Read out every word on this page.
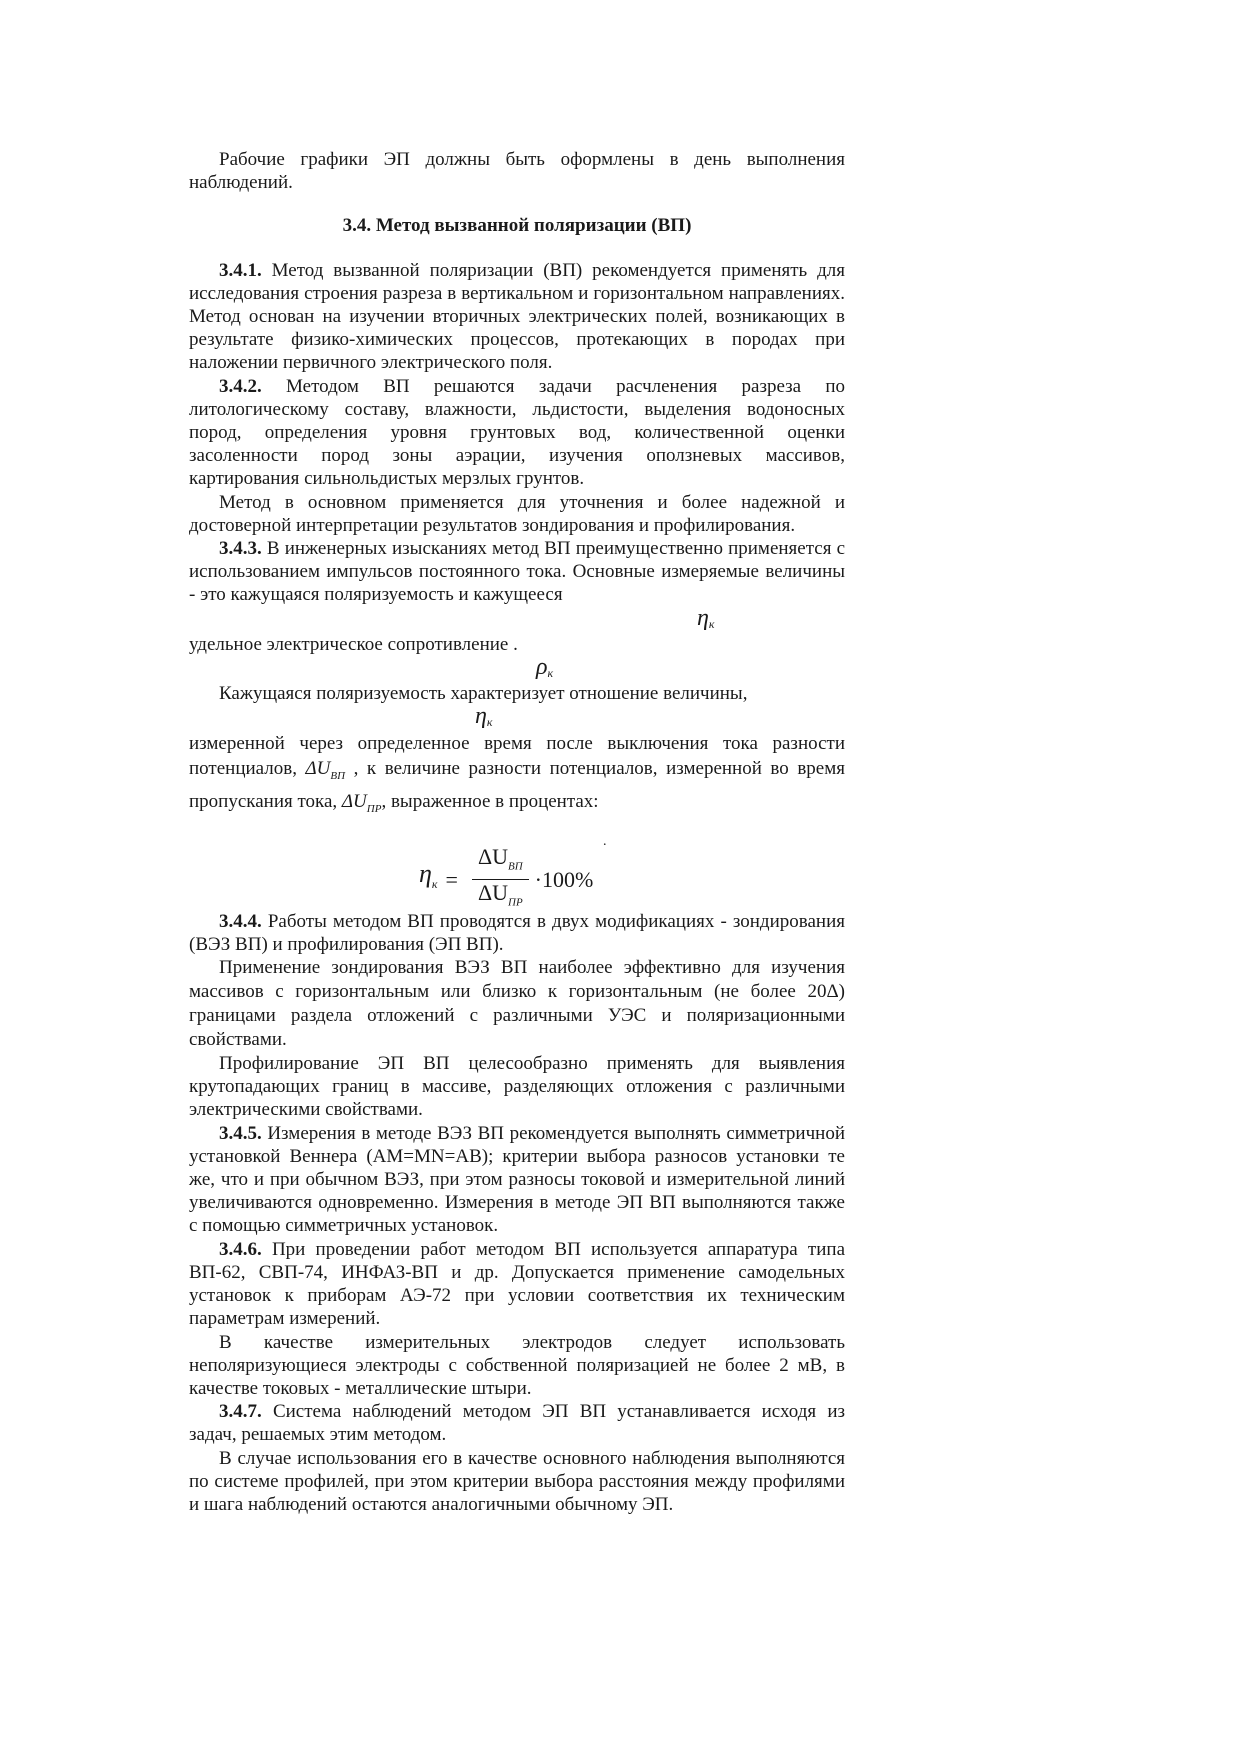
Рабочие графики ЭП должны быть оформлены в день выполнения наблюдений.

3.4. Метод вызванной поляризации (ВП)

3.4.1. Метод вызванной поляризации (ВП) рекомендуется применять для исследования строения разреза в вертикальном и горизонтальном направлениях. Метод основан на изучении вторичных электрических полей, возникающих в результате физико-химических процессов, протекающих в породах при наложении первичного электрического поля.

3.4.2. Методом ВП решаются задачи расчленения разреза по литологическому составу, влажности, льдистости, выделения водоносных пород, определения уровня грунтовых вод, количественной оценки засоленности пород зоны аэрации, изучения оползневых массивов, картирования сильнольдистых мерзлых грунтов.

Метод в основном применяется для уточнения и более надежной и достоверной интерпретации результатов зондирования и профилирования.

3.4.3. В инженерных изысканиях метод ВП преимущественно применяется с использованием импульсов постоянного тока. Основные измеряемые величины - это кажущаяся поляризуемость и кажущееся

$\eta_к$

удельное электрическое сопротивление .

$\rho_к$

Кажущаяся поляризуемость характеризует отношение величины,

$\eta_к$

измеренной через определенное время после выключения тока разности потенциалов, $\Delta U_{ВП}$ , к величине разности потенциалов, измеренной во время пропускания тока, $\Delta U_{ПР}$, выраженное в процентах:

.
$\eta_к = \frac{\Delta U_{ВП}}{\Delta U_{ПР}} \cdot 100\%$

3.4.4. Работы методом ВП проводятся в двух модификациях - зондирования (ВЭЗ ВП) и профилирования (ЭП ВП).

Применение зондирования ВЭЗ ВП наиболее эффективно для изучения массивов с горизонтальным или близко к горизонтальным (не более 20Δ) границами раздела отложений с различными УЭС и поляризационными свойствами.

Профилирование ЭП ВП целесообразно применять для выявления крутопадающих границ в массиве, разделяющих отложения с различными электрическими свойствами.

3.4.5. Измерения в методе ВЭЗ ВП рекомендуется выполнять симметричной установкой Веннера (AM=MN=AB); критерии выбора разносов установки те же, что и при обычном ВЭЗ, при этом разносы токовой и измерительной линий увеличиваются одновременно. Измерения в методе ЭП ВП выполняются также с помощью симметричных установок.

3.4.6. При проведении работ методом ВП используется аппаратура типа ВП-62, СВП-74, ИНФАЗ-ВП и др. Допускается применение самодельных установок к приборам АЭ-72 при условии соответствия их техническим параметрам измерений.

В качестве измерительных электродов следует использовать неполяризующиеся электроды с собственной поляризацией не более 2 мВ, в качестве токовых - металлические штыри.

3.4.7. Система наблюдений методом ЭП ВП устанавливается исходя из задач, решаемых этим методом.

В случае использования его в качестве основного наблюдения выполняются по системе профилей, при этом критерии выбора расстояния между профилями и шага наблюдений остаются аналогичными обычному ЭП.
